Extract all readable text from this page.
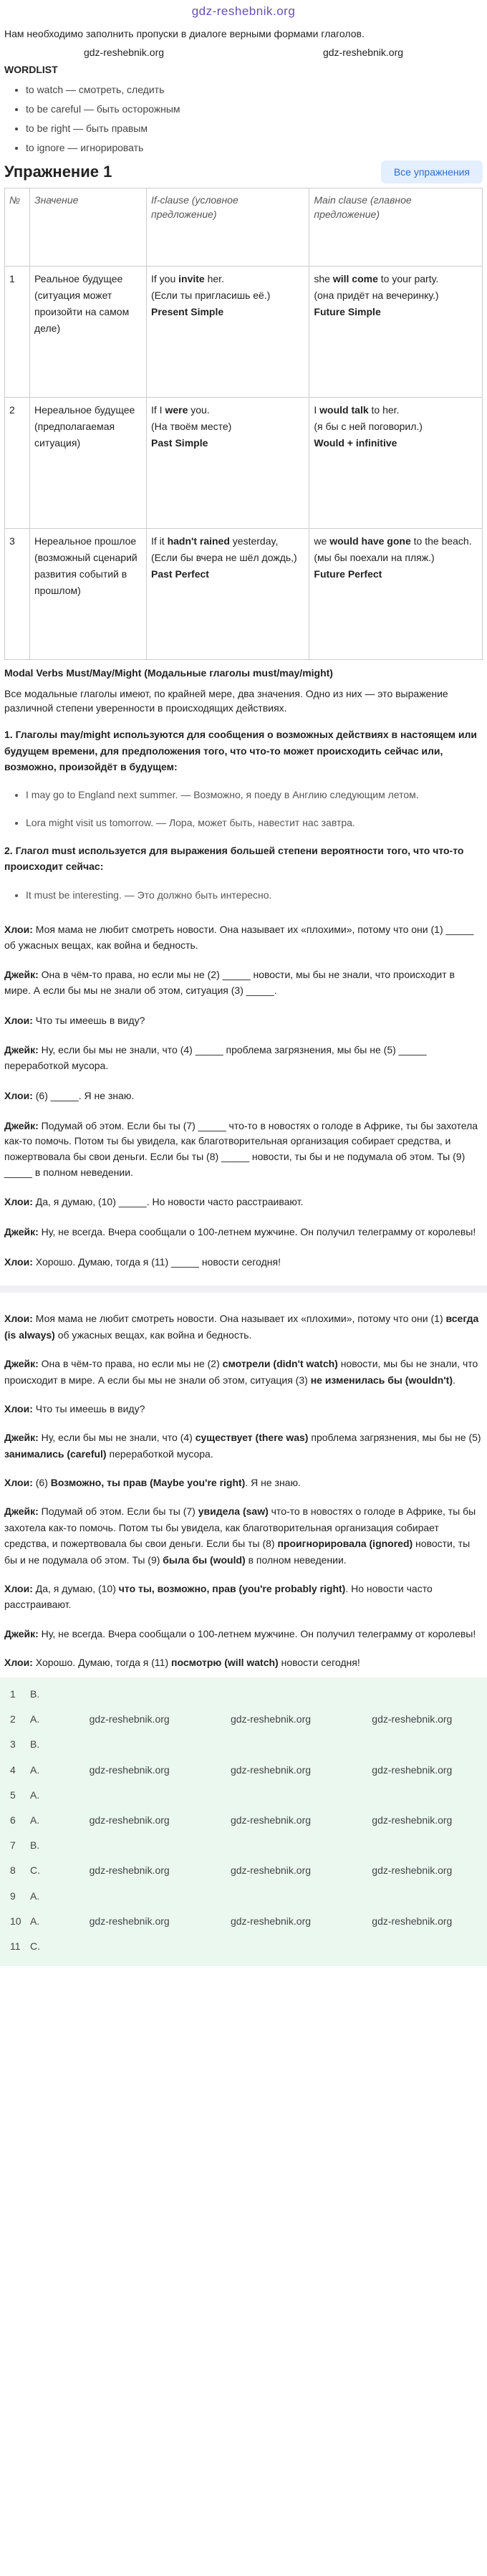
gdz-reshebnik.org

Нам необходимо заполнить пропуски в диалоге верными формами глаголов.

gdz-reshebnik.org	gdz-reshebnik.org
WORDLIST
• to watch — смотреть, следить
• to be careful — быть осторожным
• to be right — быть правым
• to ignore — игнорировать
Упражнение 1	Все упражнения
№	Значение	If-clause (условное предложение)	Main clause (главное предложение)
1	Реальное будущее (ситуация может произойти на самом деле)	If you invite her.
(Если ты пригласишь её.)
Present Simple	she will come to your party.
(она придёт на вечеринку.)
Future Simple
2	Нереальное будущее (предполагаемая ситуация)	If I were you.
(На твоём месте)
Past Simple	I would talk to her.
(я бы с ней поговорил.)
Would + infinitive
3	Нереальное прошлое (возможный сценарий развития событий в прошлом)	If it hadn't rained yesterday,
(Если бы вчера не шёл дождь,)
Past Perfect	we would have gone to the beach.
(мы бы поехали на пляж.)
Future Perfect
Modal Verbs Must/May/Might (Модальные глаголы must/may/might)

Все модальные глаголы имеют, по крайней мере, два значения. Одно из них — это выражение различной степени уверенности в происходящих действиях.

1. Глаголы may/might используются для сообщения о возможных действиях в настоящем или будущем времени, для предположения того, что что-то может происходить сейчас или, возможно, произойдёт в будущем:

• I may go to England next summer. — Возможно, я поеду в Англию следующим летом.
• Lora might visit us tomorrow. — Лора, может быть, навестит нас завтра.

2. Глагол must используется для выражения большей степени вероятности того, что что-то происходит сейчас:

• It must be interesting. — Это должно быть интересно.

Хлои: Моя мама не любит смотреть новости. Она называет их «плохими», потому что они (1) _____ об ужасных вещах, как война и бедность.

Джейк: Она в чём-то права, но если мы не (2) _____ новости, мы бы не знали, что происходит в мире. А если бы мы не знали об этом, ситуация (3) _____.

Хлои: Что ты имеешь в виду?

Джейк: Ну, если бы мы не знали, что (4) _____ проблема загрязнения, мы бы не (5) _____ переработкой мусора.

Хлои: (6) _____. Я не знаю.

Джейк: Подумай об этом. Если бы ты (7) _____ что-то в новостях о голоде в Африке, ты бы захотела как-то помочь. Потом ты бы увидела, как благотворительная организация собирает средства, и пожертвовала бы свои деньги. Если бы ты (8) _____ новости, ты бы и не подумала об этом. Ты (9) _____ в полном неведении.

Хлои: Да, я думаю, (10) _____. Но новости часто расстраивают.

Джейк: Ну, не всегда. Вчера сообщали о 100-летнем мужчине. Он получил телеграмму от королевы!

Хлои: Хорошо. Думаю, тогда я (11) _____ новости сегодня!

Хлои: Моя мама не любит смотреть новости. Она называет их «плохими», потому что они (1) всегда (is always) об ужасных вещах, как война и бедность.

Джейк: Она в чём-то права, но если мы не (2) смотрели (didn't watch) новости, мы бы не знали, что происходит в мире. А если бы мы не знали об этом, ситуация (3) не изменилась бы (wouldn't).

Хлои: Что ты имеешь в виду?

Джейк: Ну, если бы мы не знали, что (4) существует (there was) проблема загрязнения, мы бы не (5) занимались (careful) переработкой мусора.

Хлои: (6) Возможно, ты прав (Maybe you're right). Я не знаю.

Джейк: Подумай об этом. Если бы ты (7) увидела (saw) что-то в новостях о голоде в Африке, ты бы захотела как-то помочь. Потом ты бы увидела, как благотворительная организация собирает средства, и пожертвовала бы свои деньги. Если бы ты (8) проигнорировала (ignored) новости, ты бы и не подумала об этом. Ты (9) была бы (would) в полном неведении.

Хлои: Да, я думаю, (10) что ты, возможно, прав (you're probably right). Но новости часто расстраивают.

Джейк: Ну, не всегда. Вчера сообщали о 100-летнем мужчине. Он получил телеграмму от королевы!

Хлои: Хорошо. Думаю, тогда я (11) посмотрю (will watch) новости сегодня!

1	B.
2	A.	gdz-reshebnik.org	gdz-reshebnik.org	gdz-reshebnik.org
3	B.
4	A.	gdz-reshebnik.org	gdz-reshebnik.org	gdz-reshebnik.org
5	A.
6	A.	gdz-reshebnik.org	gdz-reshebnik.org	gdz-reshebnik.org
7	B.
8	C.	gdz-reshebnik.org	gdz-reshebnik.org	gdz-reshebnik.org
9	A.
10 A.	gdz-reshebnik.org	gdz-reshebnik.org	gdz-reshebnik.org
11 C.
